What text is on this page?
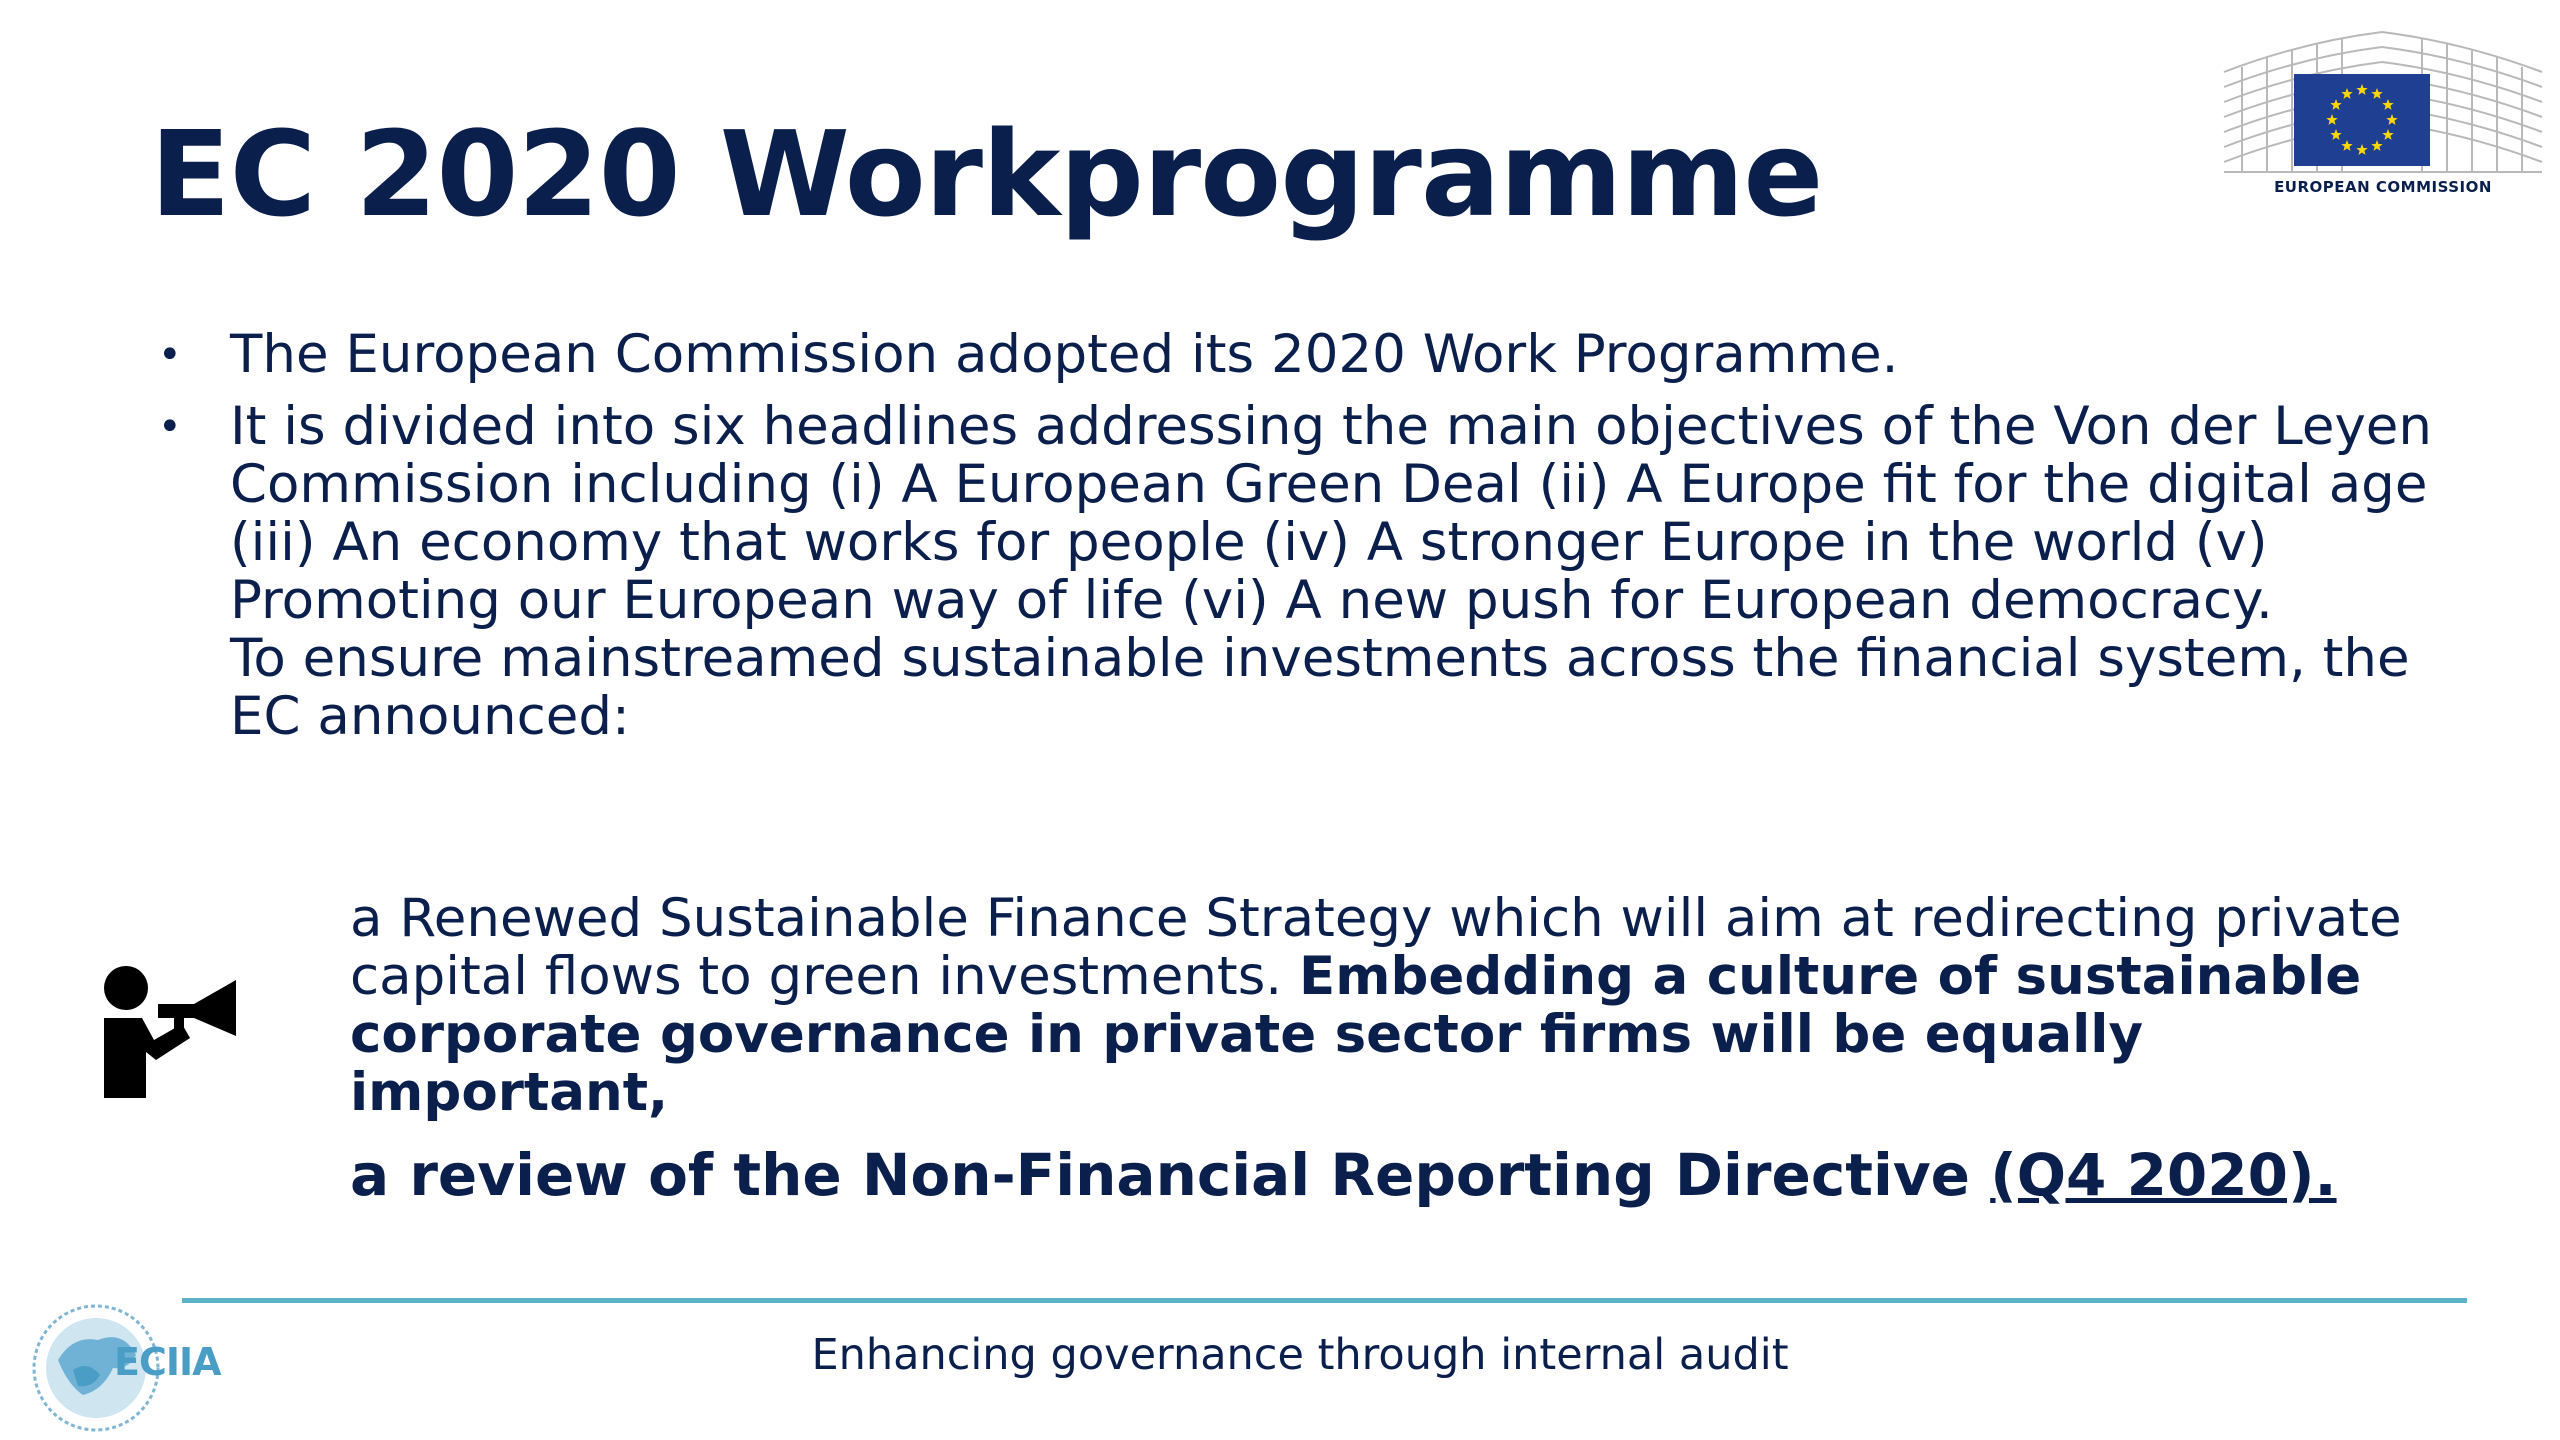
EC 2020 Workprogramme	EUROPEAN COMMISSION
• The European Commission adopted its 2020 Work Programme.

• It is divided into six headlines addressing the main objectives of the Von der Leyen Commission including (i) A European Green Deal (ii) A Europe fit for the digital age (iii) An economy that works for people (iv) A stronger Europe in the world (v) Promoting our European way of life (vi) A new push for European democracy.

To ensure mainstreamed sustainable investments across the financial system, the EC announced:

a Renewed Sustainable Finance Strategy which will aim at redirecting private capital flows to green investments. Embedding a culture of sustainable corporate governance in private sector firms will be equally important,

a review of the Non-Financial Reporting Directive (Q4 2020).

ECIIA	Enhancing governance through internal audit
